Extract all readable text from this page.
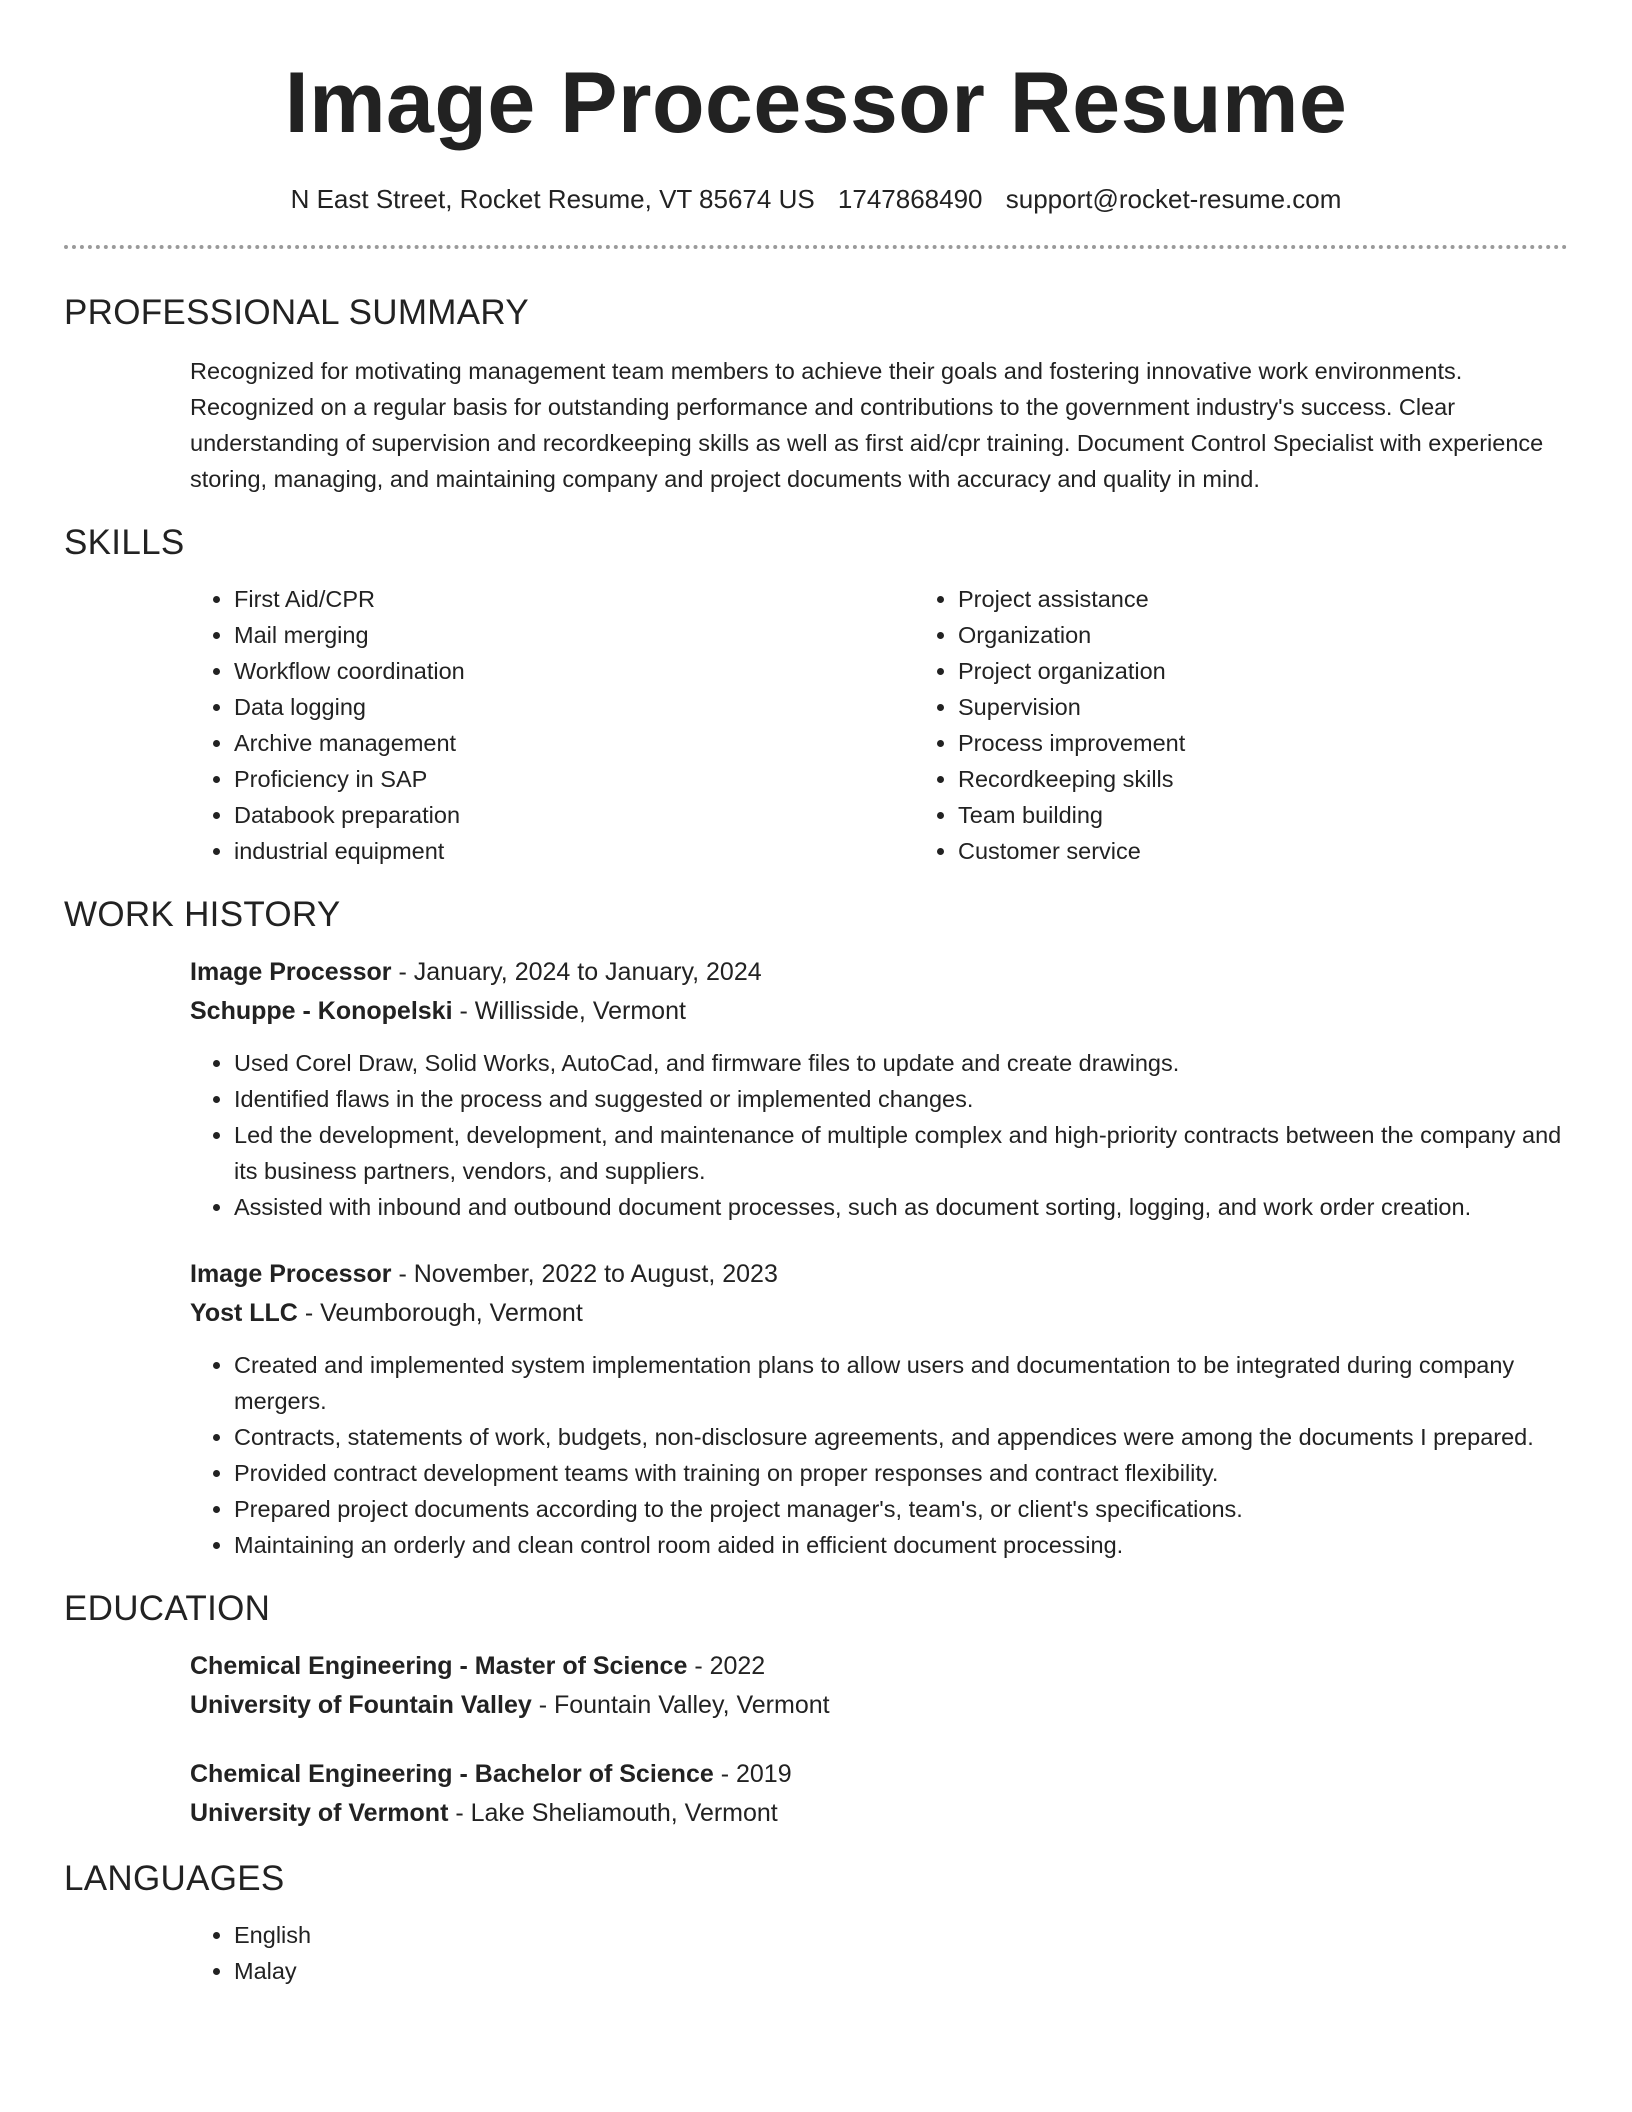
Image Processor Resume
N East Street, Rocket Resume, VT 85674 US 1747868490 support@rocket-resume.com
PROFESSIONAL SUMMARY

Recognized for motivating management team members to achieve their goals and fostering innovative work environments. Recognized on a regular basis for outstanding performance and contributions to the government industry's success. Clear understanding of supervision and recordkeeping skills as well as first aid/cpr training. Document Control Specialist with experience storing, managing, and maintaining company and project documents with accuracy and quality in mind.

SKILLS
• First Aid/CPR
• Mail merging
• Workflow coordination
• Data logging
• Archive management
• Proficiency in SAP
• Databook preparation
• industrial equipment
• Project assistance
• Organization
• Project organization
• Supervision
• Process improvement
• Recordkeeping skills
• Team building
• Customer service
WORK HISTORY
Image Processor - January, 2024 to January, 2024
Schuppe - Konopelski - Willisside, Vermont
• Used Corel Draw, Solid Works, AutoCad, and firmware files to update and create drawings.
• Identified flaws in the process and suggested or implemented changes.
• Led the development, development, and maintenance of multiple complex and high-priority contracts between the company and its business partners, vendors, and suppliers.
• Assisted with inbound and outbound document processes, such as document sorting, logging, and work order creation.
Image Processor - November, 2022 to August, 2023
Yost LLC - Veumborough, Vermont
• Created and implemented system implementation plans to allow users and documentation to be integrated during company mergers.
• Contracts, statements of work, budgets, non-disclosure agreements, and appendices were among the documents I prepared.
• Provided contract development teams with training on proper responses and contract flexibility.
• Prepared project documents according to the project manager's, team's, or client's specifications.
• Maintaining an orderly and clean control room aided in efficient document processing.
EDUCATION
Chemical Engineering - Master of Science - 2022
University of Fountain Valley - Fountain Valley, Vermont
Chemical Engineering - Bachelor of Science - 2019
University of Vermont - Lake Sheliamouth, Vermont
LANGUAGES
• English
• Malay
